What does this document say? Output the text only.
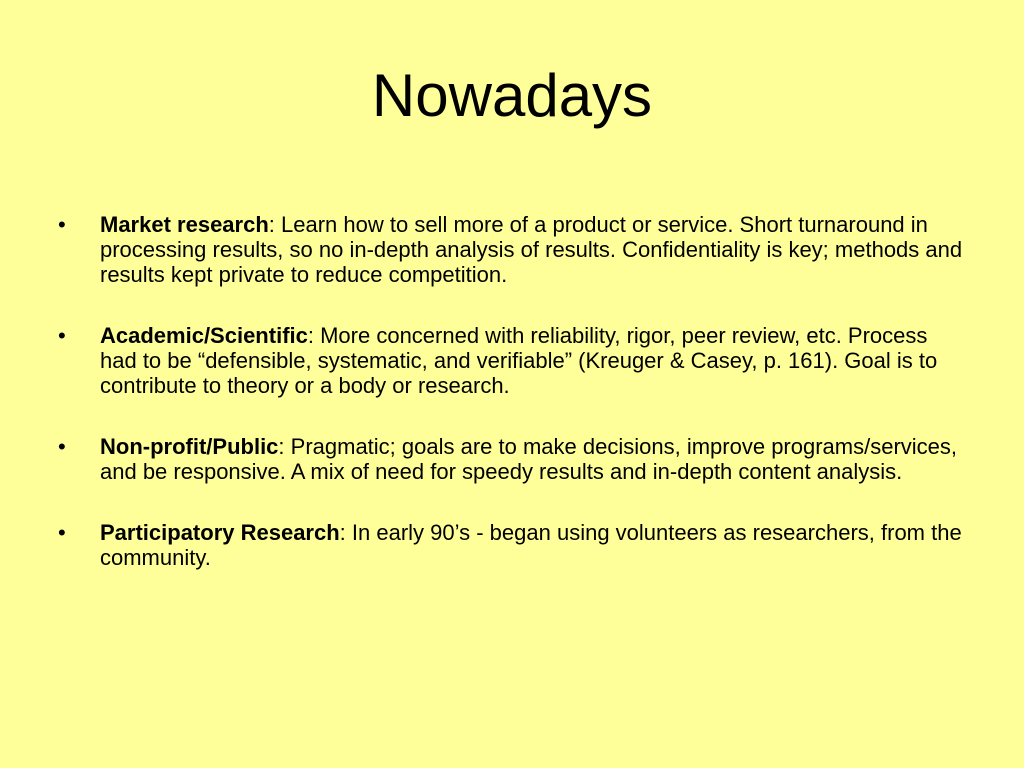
Nowadays
•	Market research: Learn how to sell more of a product or service. Short turnaround in processing results, so no in-depth analysis of results. Confidentiality is key; methods and results kept private to reduce competition.
•	Academic/Scientific: More concerned with reliability, rigor, peer review, etc. Process had to be “defensible, systematic, and verifiable” (Kreuger & Casey, p. 161). Goal is to contribute to theory or a body or research.
•	Non-profit/Public: Pragmatic; goals are to make decisions, improve programs/services, and be responsive. A mix of need for speedy results and in-depth content analysis.
•	Participatory Research: In early 90’s - began using volunteers as researchers, from the community.
